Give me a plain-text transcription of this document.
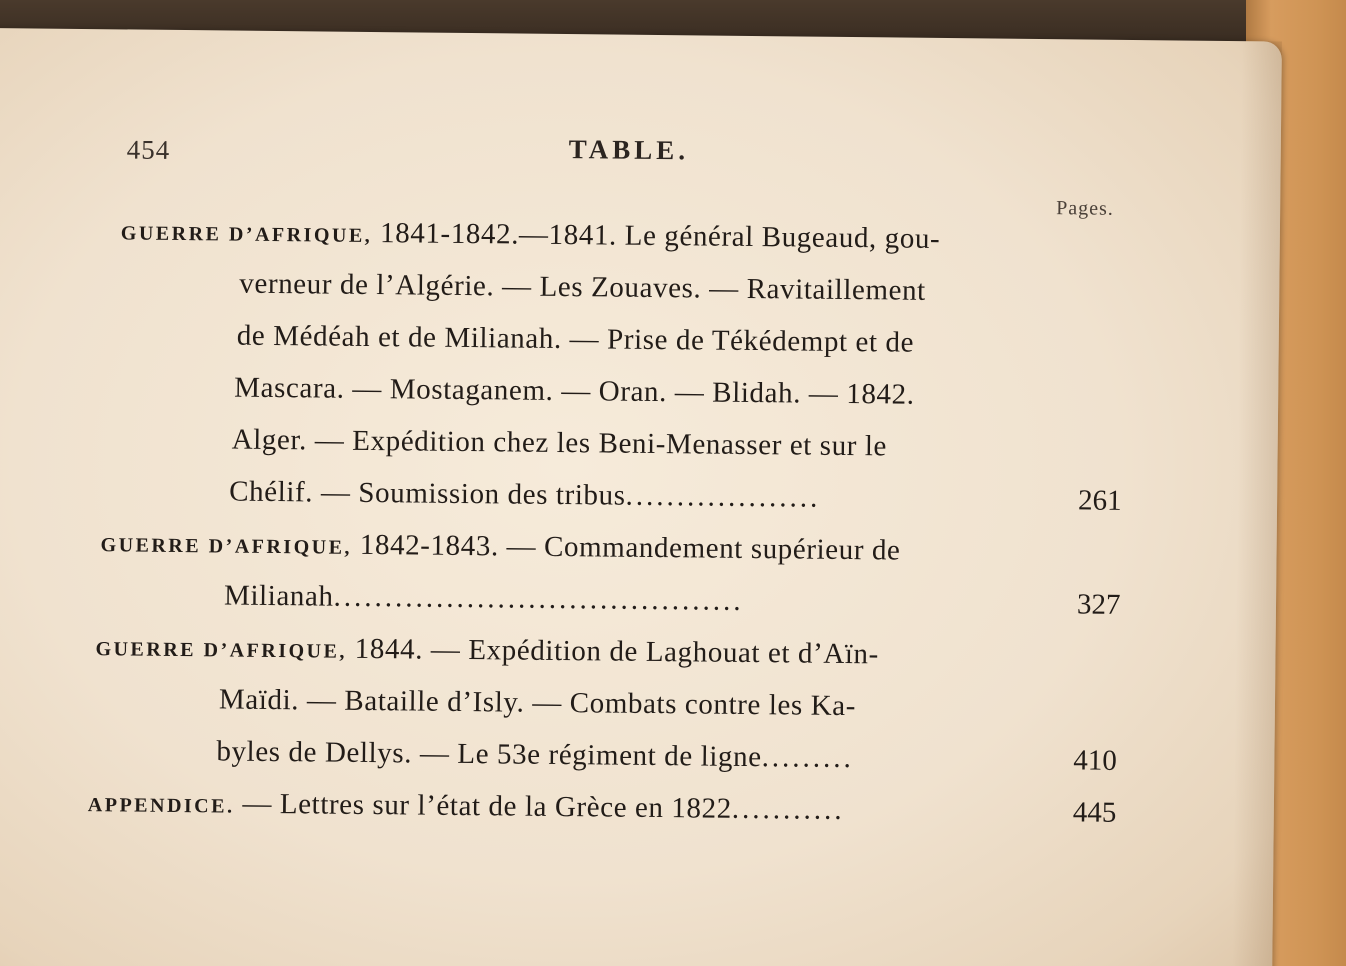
454	TABLE.
Pages.
GUERRE D’AFRIQUE, 1841-1842.—1841. Le général Bugeaud, gou-
verneur de l’Algérie. — Les Zouaves. — Ravitaillement
de Médéah et de Milianah. — Prise de Tékédempt et de
Mascara. — Mostaganem. — Oran. — Blidah. — 1842.
Alger. — Expédition chez les Beni-Menasser et sur le
Chélif. — Soumission des tribus...................	261
GUERRE D’AFRIQUE, 1842-1843. — Commandement supérieur de
Milianah........................................	327
GUERRE D’AFRIQUE, 1844. — Expédition de Laghouat et d’Aïn-
Maïdi. — Bataille d’Isly. — Combats contre les Ka-
byles de Dellys. — Le 53e régiment de ligne.........	410
APPENDICE. — Lettres sur l’état de la Grèce en 1822...........	445
